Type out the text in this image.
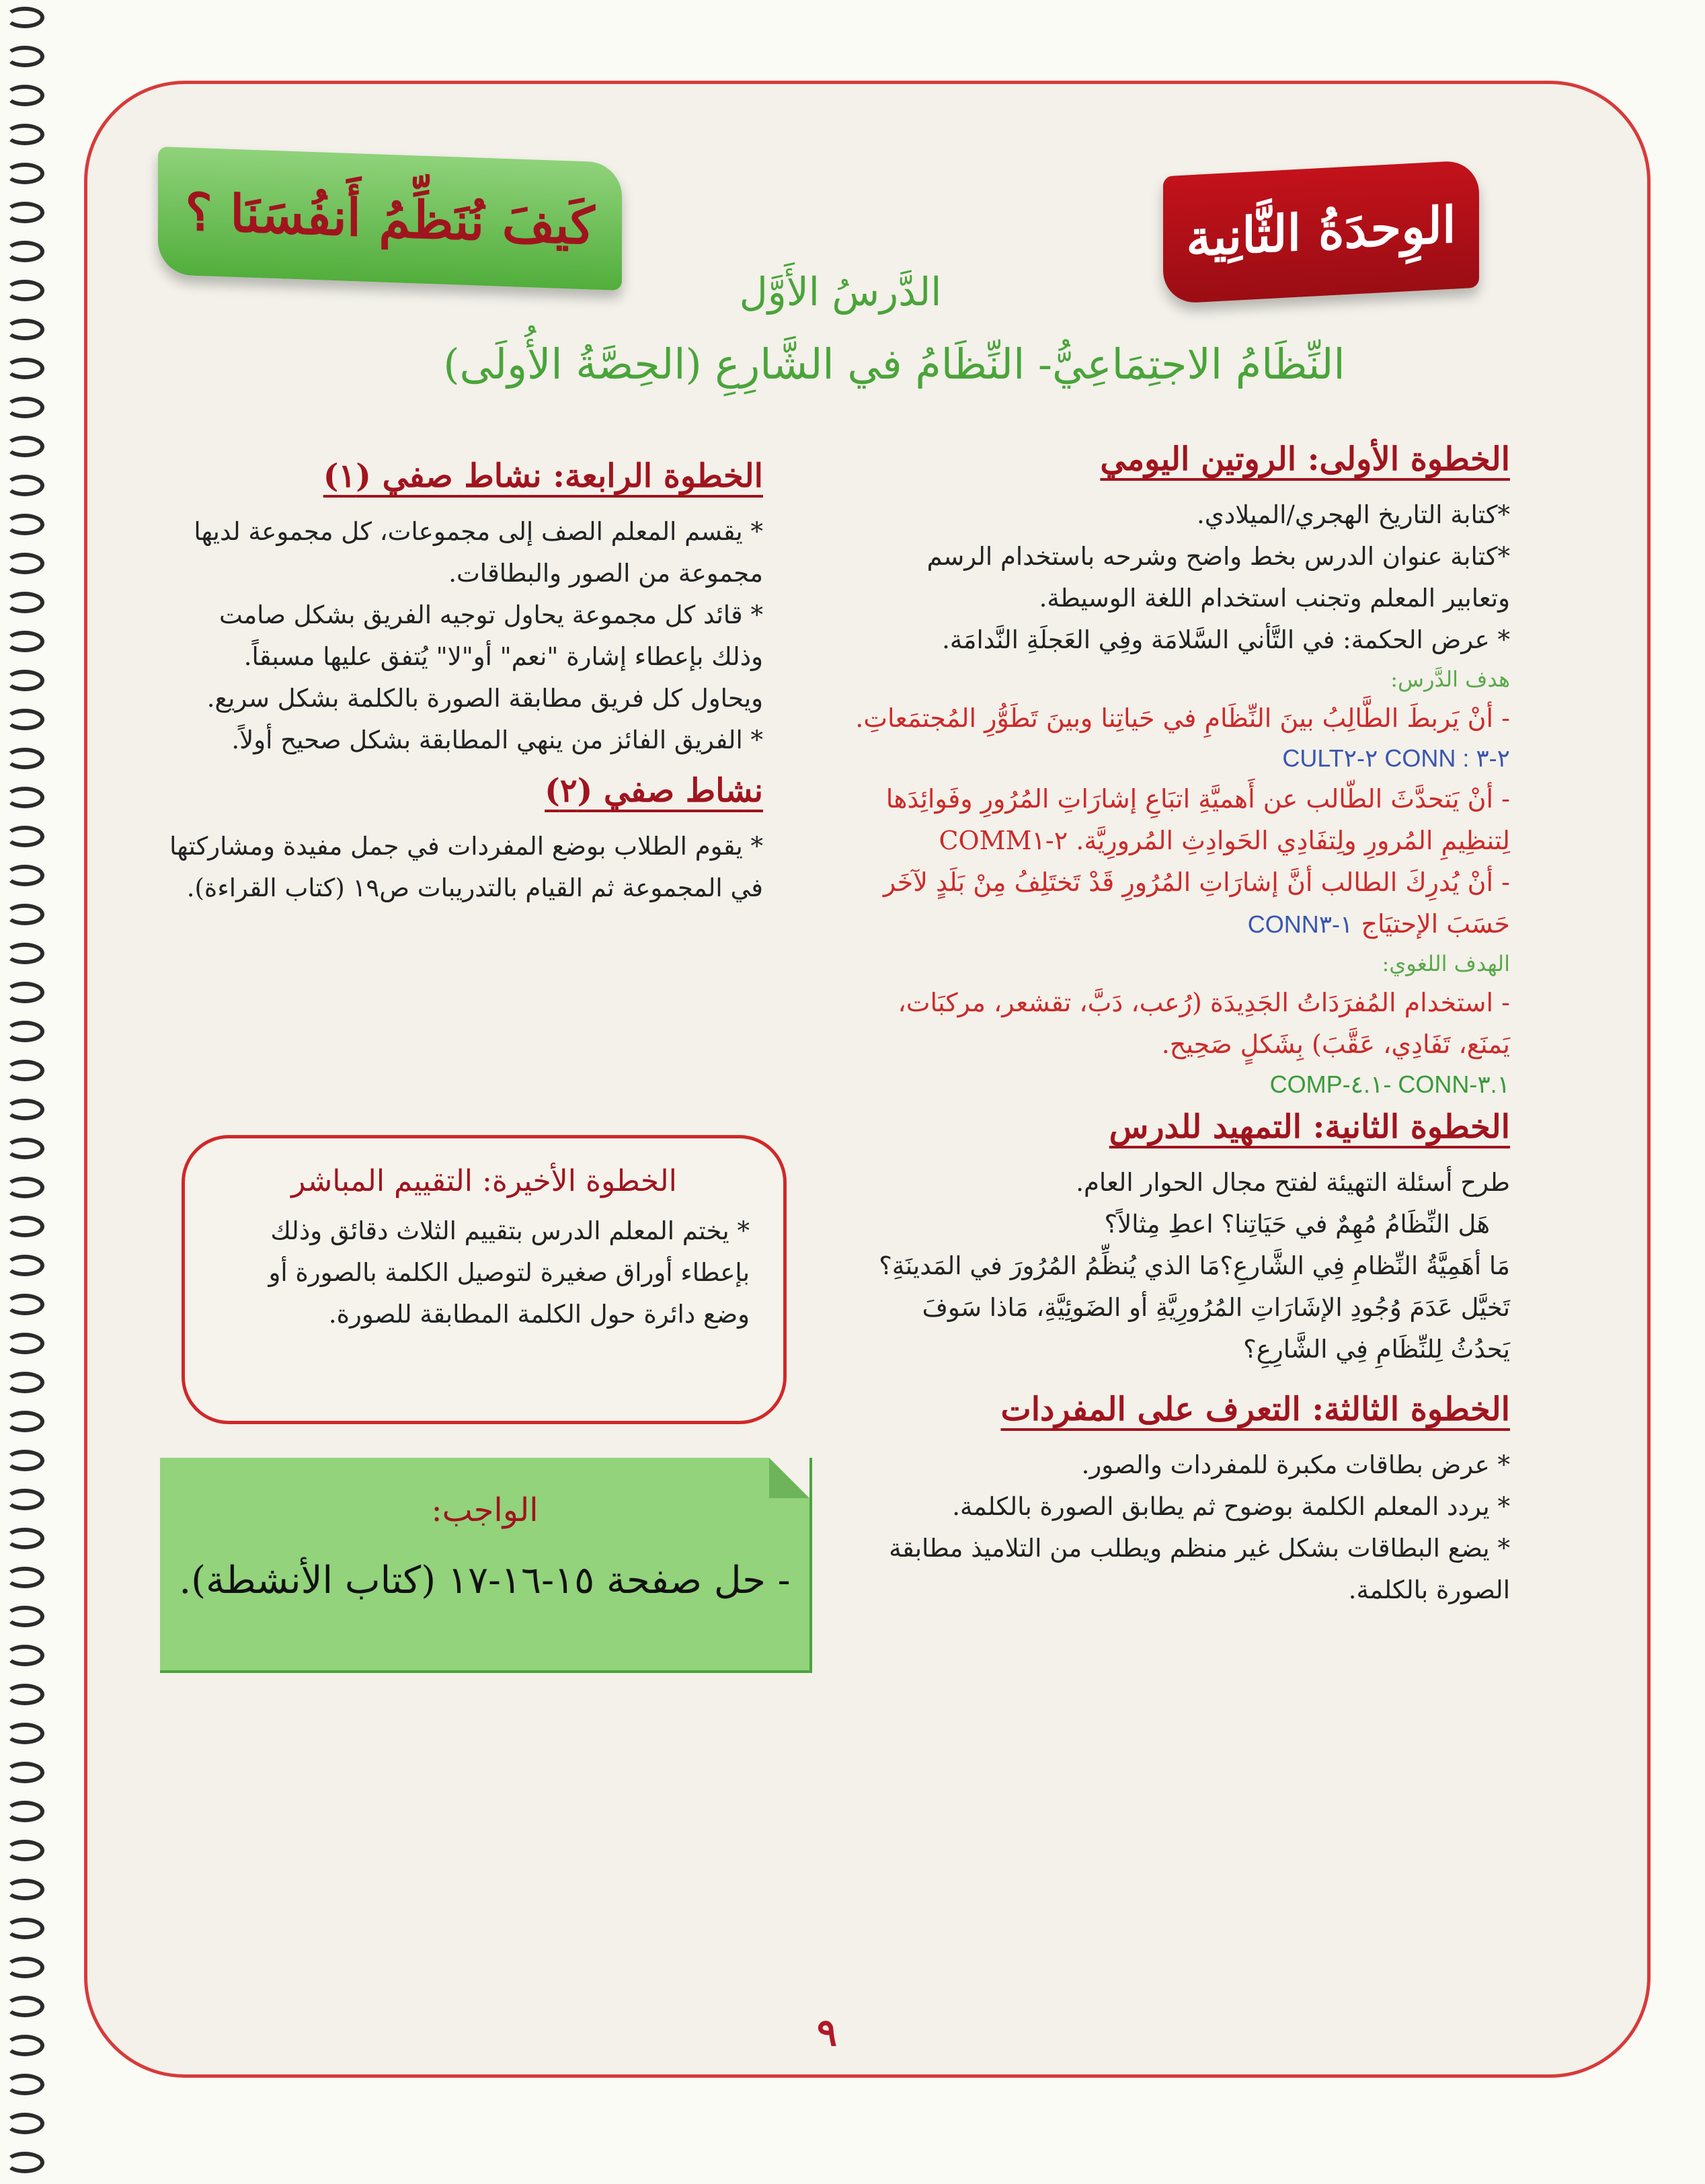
الوِحدَةُ الثَّانِية
كَيفَ نُنَظِّمُ أَنفُسَنَا ؟
الدَّرسُ الأَوَّل
النِّظَامُ الاجتِمَاعِيُّ- النِّظَامُ في الشَّارِعِ (الحِصَّةُ الأُولَى)

الخطوة الأولى: الروتين اليومي

*كتابة التاريخ الهجري/الميلادي.

*كتابة عنوان الدرس بخط واضح وشرحه باستخدام الرسم

وتعابير المعلم وتجنب استخدام اللغة الوسيطة.

* عرض الحكمة: في التَّأني السَّلامَة وفِي العَجلَةِ النَّدامَة.

هدف الدَّرس:

- أنْ يَربطَ الطَّالِبُ بينَ النِّظَامِ في حَياتِنا وبينَ تَطَوُّرِ المُجتمَعاتِ.

CULT۲-۲ CONN : ۳-۲

- أنْ يَتحدَّثَ الطّالب عن أَهميَّةِ اتبَاعِ إشارَاتِ المُرُورِ وفَوائِدَها

لِتنظِيمِ المُرورِ ولِتفَادِي الحَوادِثِ المُرورِيَّة. COMM۱-۲

- أنْ يُدرِكَ الطالب أنَّ إشارَاتِ المُرُورِ قَدْ تَختَلِفُ مِنْ بَلَدٍ لآخَر

حَسَبَ الإحتيَاج CONN۳-۱

الهدف اللغوي:

- استخدام المُفرَدَاتُ الجَدِيدَة (رُعب، دَبَّ، تقشعر، مركبَات،

يَمنَع، تَفَادِي، عَقَّبَ) بِشَكلٍ صَحِيح.

COMP-٤.١- CONN-٣.١

الخطوة الثانية: التمهيد للدرس

طرح أسئلة التهيئة لفتح مجال الحوار العام.

هَل النِّظَامُ مُهِمٌ في حَيَاتِنا؟ اعطِ مِثالاً؟

مَا أهَمِيَّةُ النِّظامِ فِي الشَّارعِ؟مَا الذي يُنظِّمُ المُرُورَ في المَدينَةِ؟

تَخيَّل عَدَمَ وُجُودِ الإشَارَاتِ المُرُورِيَّةِ أو الضَوئِيَّةِ، مَاذا سَوفَ

يَحدُثُ لِلنِّظَامِ فِي الشَّارِعِ؟

الخطوة الثالثة: التعرف على المفردات

* عرض بطاقات مكبرة للمفردات والصور.

* يردد المعلم الكلمة بوضوح ثم يطابق الصورة بالكلمة.

* يضع البطاقات بشكل غير منظم ويطلب من التلاميذ مطابقة

الصورة بالكلمة.

الخطوة الرابعة: نشاط صفي (١)

* يقسم المعلم الصف إلى مجموعات، كل مجموعة لديها

مجموعة من الصور والبطاقات.

* قائد كل مجموعة يحاول توجيه الفريق بشكل صامت

وذلك بإعطاء إشارة "نعم" أو"لا" يُتفق عليها مسبقاً.

ويحاول كل فريق مطابقة الصورة بالكلمة بشكل سريع.

* الفريق الفائز من ينهي المطابقة بشكل صحيح أولاً.

نشاط صفي (٢)

* يقوم الطلاب بوضع المفردات في جمل مفيدة ومشاركتها

في المجموعة ثم القيام بالتدريبات ص١٩ (كتاب القراءة).

الخطوة الأخيرة: التقييم المباشر

* يختم المعلم الدرس بتقييم الثلاث دقائق وذلك

بإعطاء أوراق صغيرة لتوصيل الكلمة بالصورة أو

وضع دائرة حول الكلمة المطابقة للصورة.

الواجب:
- حل صفحة ١٥-١٦-١٧ (كتاب الأنشطة).
٩
